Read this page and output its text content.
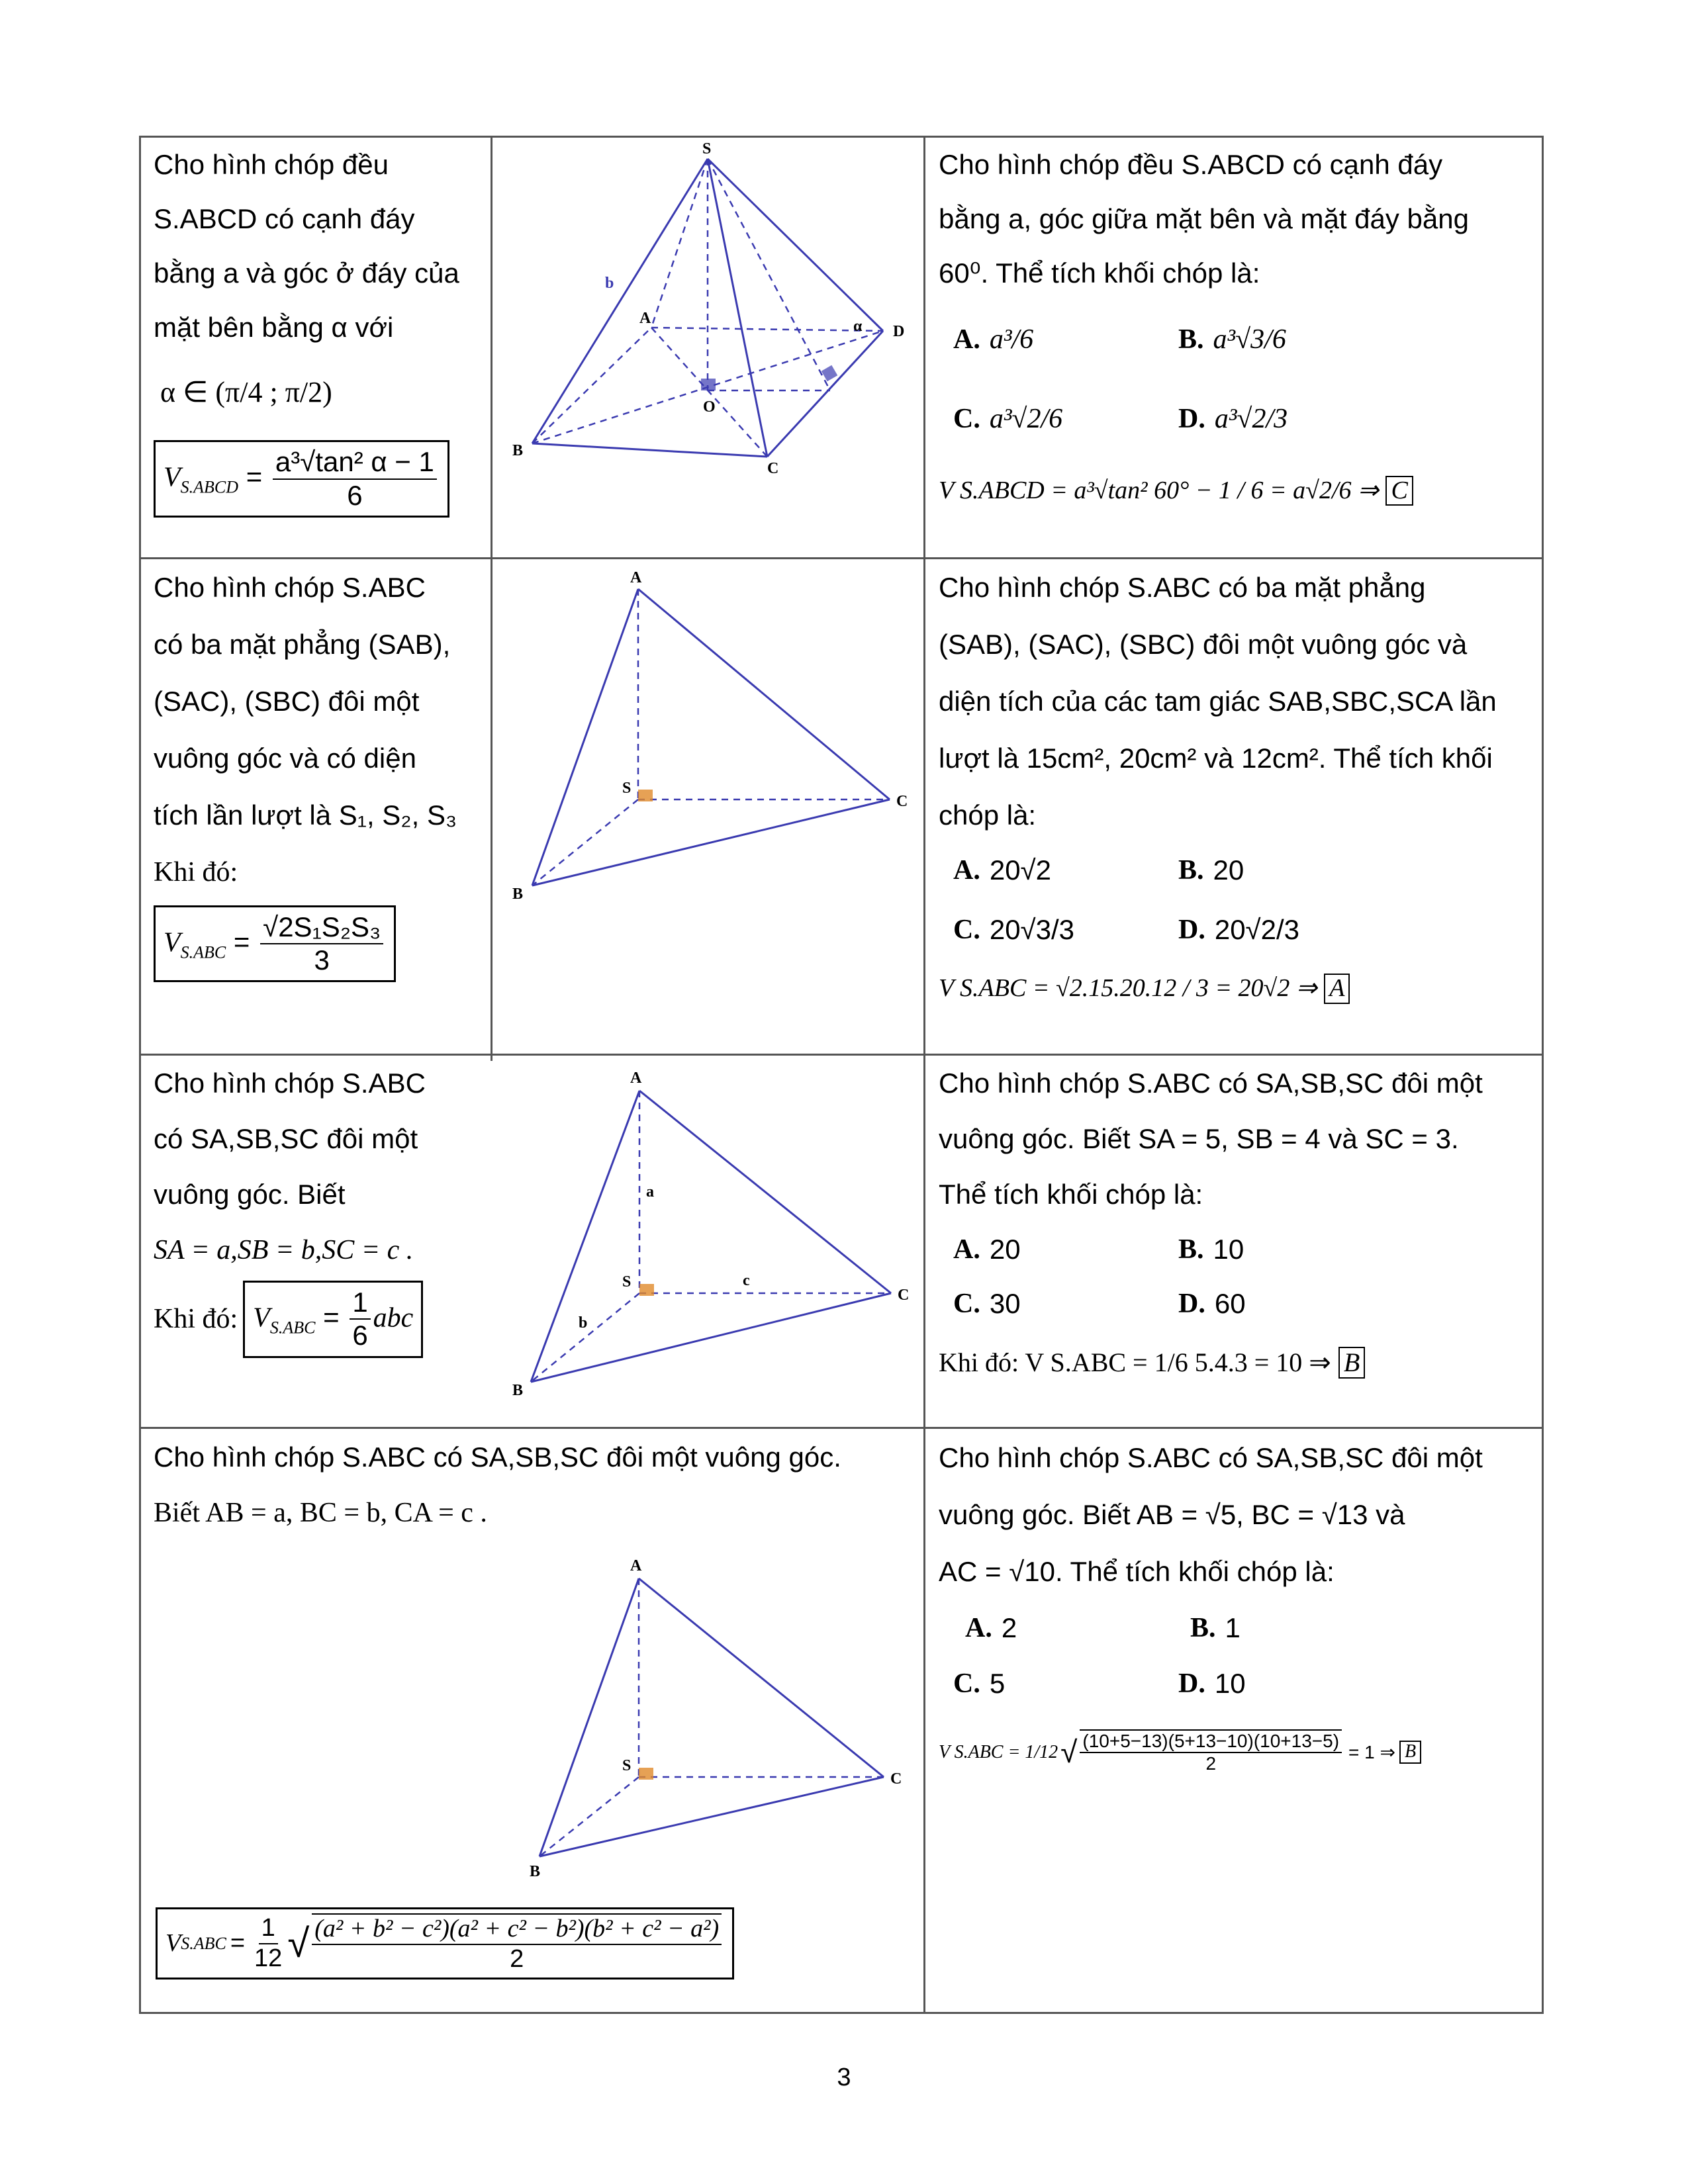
Cho hình chóp đều
S.ABCD có cạnh đáy
bằng a và góc ở đáy của
mặt bên bằng α với
α ∈ (π/4 ; π/2)
$V_{S.ABCD} = \frac{\text{a³√tan² α − 1}}{6}$
S
A
B
C
D
O
b
α
Cho hình chóp đều S.ABCD có cạnh đáy
bằng a, góc giữa mặt bên và mặt đáy bằng
60⁰. Thể tích khối chóp là:
A. a³/6	B. a³√3/6
C. a³√2/6	D. a³√2/3
V S.ABCD = a³√tan² 60° − 1 / 6 = a√2/6 ⇒ C
Cho hình chóp S.ABC
có ba mặt phẳng (SAB),
(SAC), (SBC) đôi một
vuông góc và có diện
tích lần lượt là S₁, S₂, S₃
Khi đó:
$V_{S.ABC} = \frac{\text{√2S₁S₂S₃}}{3}$
A
S
B
C
Cho hình chóp S.ABC có ba mặt phẳng
(SAB), (SAC), (SBC) đôi một vuông góc và
diện tích của các tam giác SAB,SBC,SCA lần
lượt là 15cm², 20cm² và 12cm². Thể tích khối
chóp là:
A. 20√2	B. 20
C. 20√3/3	D. 20√2/3
V S.ABC = √2.15.20.12 / 3 = 20√2 ⇒ A
Cho hình chóp S.ABC
có SA,SB,SC đôi một
vuông góc. Biết
SA = a,SB = b,SC = c .
Khi đó: $V_{S.ABC} = \frac{1}{6}$ abc
A
S
B
C
a
b
c
Cho hình chóp S.ABC có SA,SB,SC đôi một
vuông góc. Biết SA = 5, SB = 4 và SC = 3.
Thể tích khối chóp là:
A. 20	B. 10
C. 30	D. 60
Khi đó: V S.ABC = 1/6 5.4.3 = 10 ⇒ B
Cho hình chóp S.ABC có SA,SB,SC đôi một vuông góc.
Biết AB = a, BC = b, CA = c .
A
S
B
C
V $S.ABC = \frac{1}{12}$ √ $\frac{\text{(a² + b² − c²)(a² + c² − b²)(b² + c² − a²)}}{2}$
Cho hình chóp S.ABC có SA,SB,SC đôi một
vuông góc. Biết AB = √5, BC = √13 và
AC = √10. Thể tích khối chóp là:
A. 2	B. 1
C. 5	D. 10
V S.ABC = 1/12 √ $\frac{(10+5-13)(5+13-10)(10+13-5)}{2} = 1$ ⇒ B
3
